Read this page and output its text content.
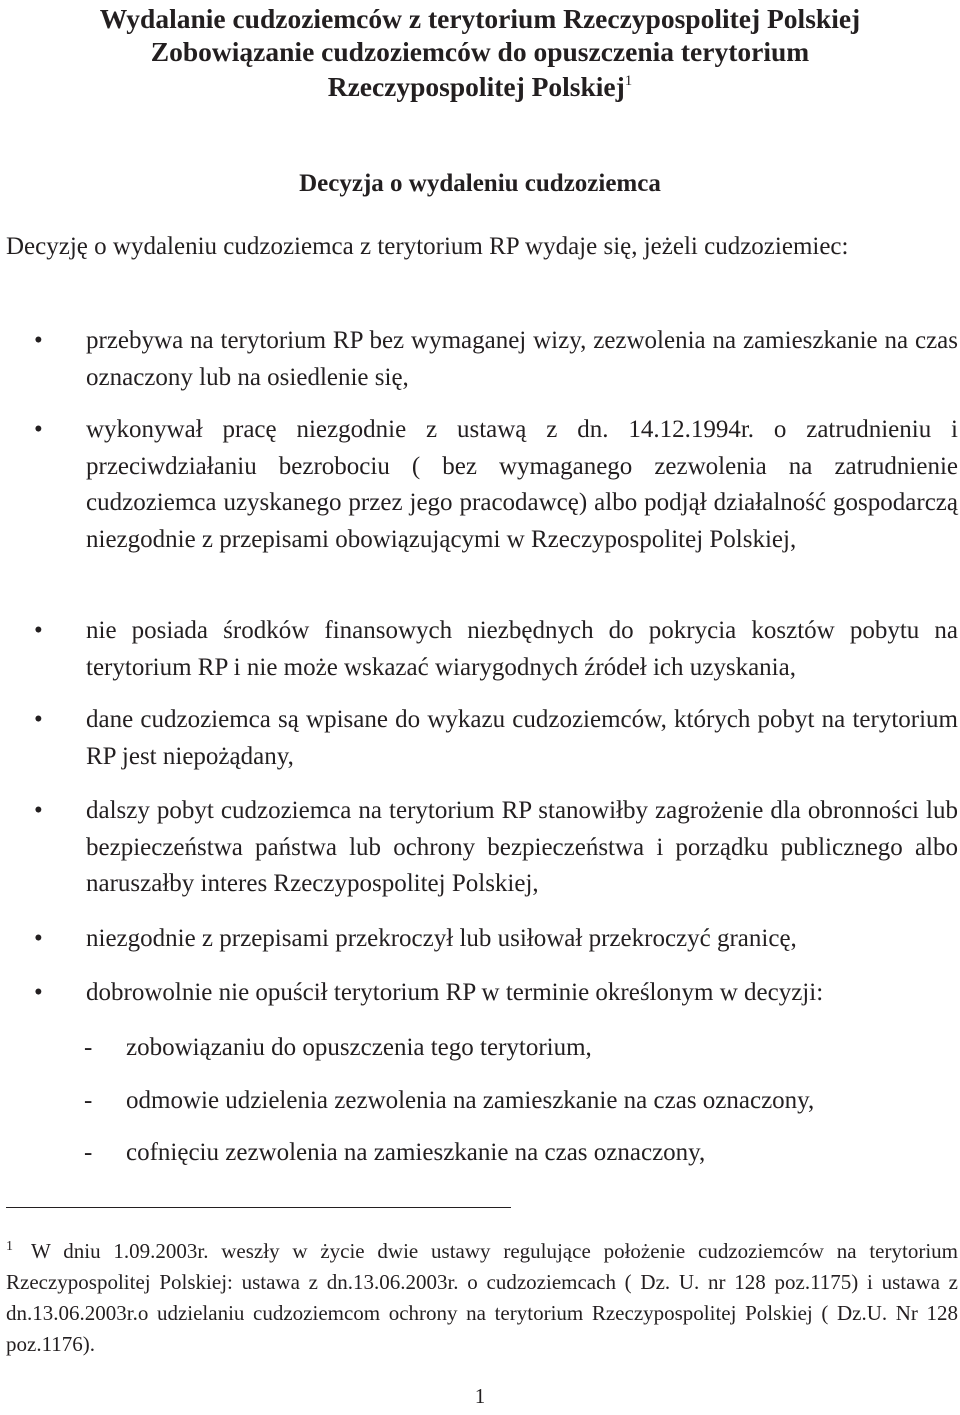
Wydalanie cudzoziemców z terytorium Rzeczypospolitej Polskiej
Zobowiązanie cudzoziemców do opuszczenia terytorium
Rzeczypospolitej Polskiej$^1$
Decyzja o wydaleniu cudzoziemca

Decyzję o wydaleniu cudzoziemca z terytorium RP wydaje się, jeżeli cudzoziemiec:

• przebywa na terytorium RP bez wymaganej wizy, zezwolenia na zamieszkanie na czas oznaczony lub na osiedlenie się,
• wykonywał pracę niezgodnie z ustawą z dn. 14.12.1994r. o zatrudnieniu i przeciwdziałaniu bezrobociu ( bez wymaganego zezwolenia na zatrudnienie cudzoziemca uzyskanego przez jego pracodawcę) albo podjął działalność gospodarczą niezgodnie z przepisami obowiązującymi w Rzeczypospolitej Polskiej,
• nie posiada środków finansowych niezbędnych do pokrycia kosztów pobytu na terytorium RP i nie może wskazać wiarygodnych źródeł ich uzyskania,
• dane cudzoziemca są wpisane do wykazu cudzoziemców, których pobyt na terytorium RP jest niepożądany,
• dalszy pobyt cudzoziemca na terytorium RP stanowiłby zagrożenie dla obronności lub bezpieczeństwa państwa lub ochrony bezpieczeństwa i porządku publicznego albo naruszałby interes Rzeczypospolitej Polskiej,
• niezgodnie z przepisami przekroczył lub usiłował przekroczyć granicę,
• dobrowolnie nie opuścił terytorium RP w terminie określonym w decyzji:
- zobowiązaniu do opuszczenia tego terytorium,
- odmowie udzielenia zezwolenia na zamieszkanie na czas oznaczony,
- cofnięciu zezwolenia na zamieszkanie na czas oznaczony,

$^1$ W dniu 1.09.2003r. weszły w życie dwie ustawy regulujące położenie cudzoziemców na terytorium Rzeczypospolitej Polskiej: ustawa z dn.13.06.2003r. o cudzoziemcach ( Dz. U. nr 128 poz.1175) i ustawa z dn.13.06.2003r.o udzielaniu cudzoziemcom ochrony na terytorium Rzeczypospolitej Polskiej ( Dz.U. Nr 128 poz.1176).

1
